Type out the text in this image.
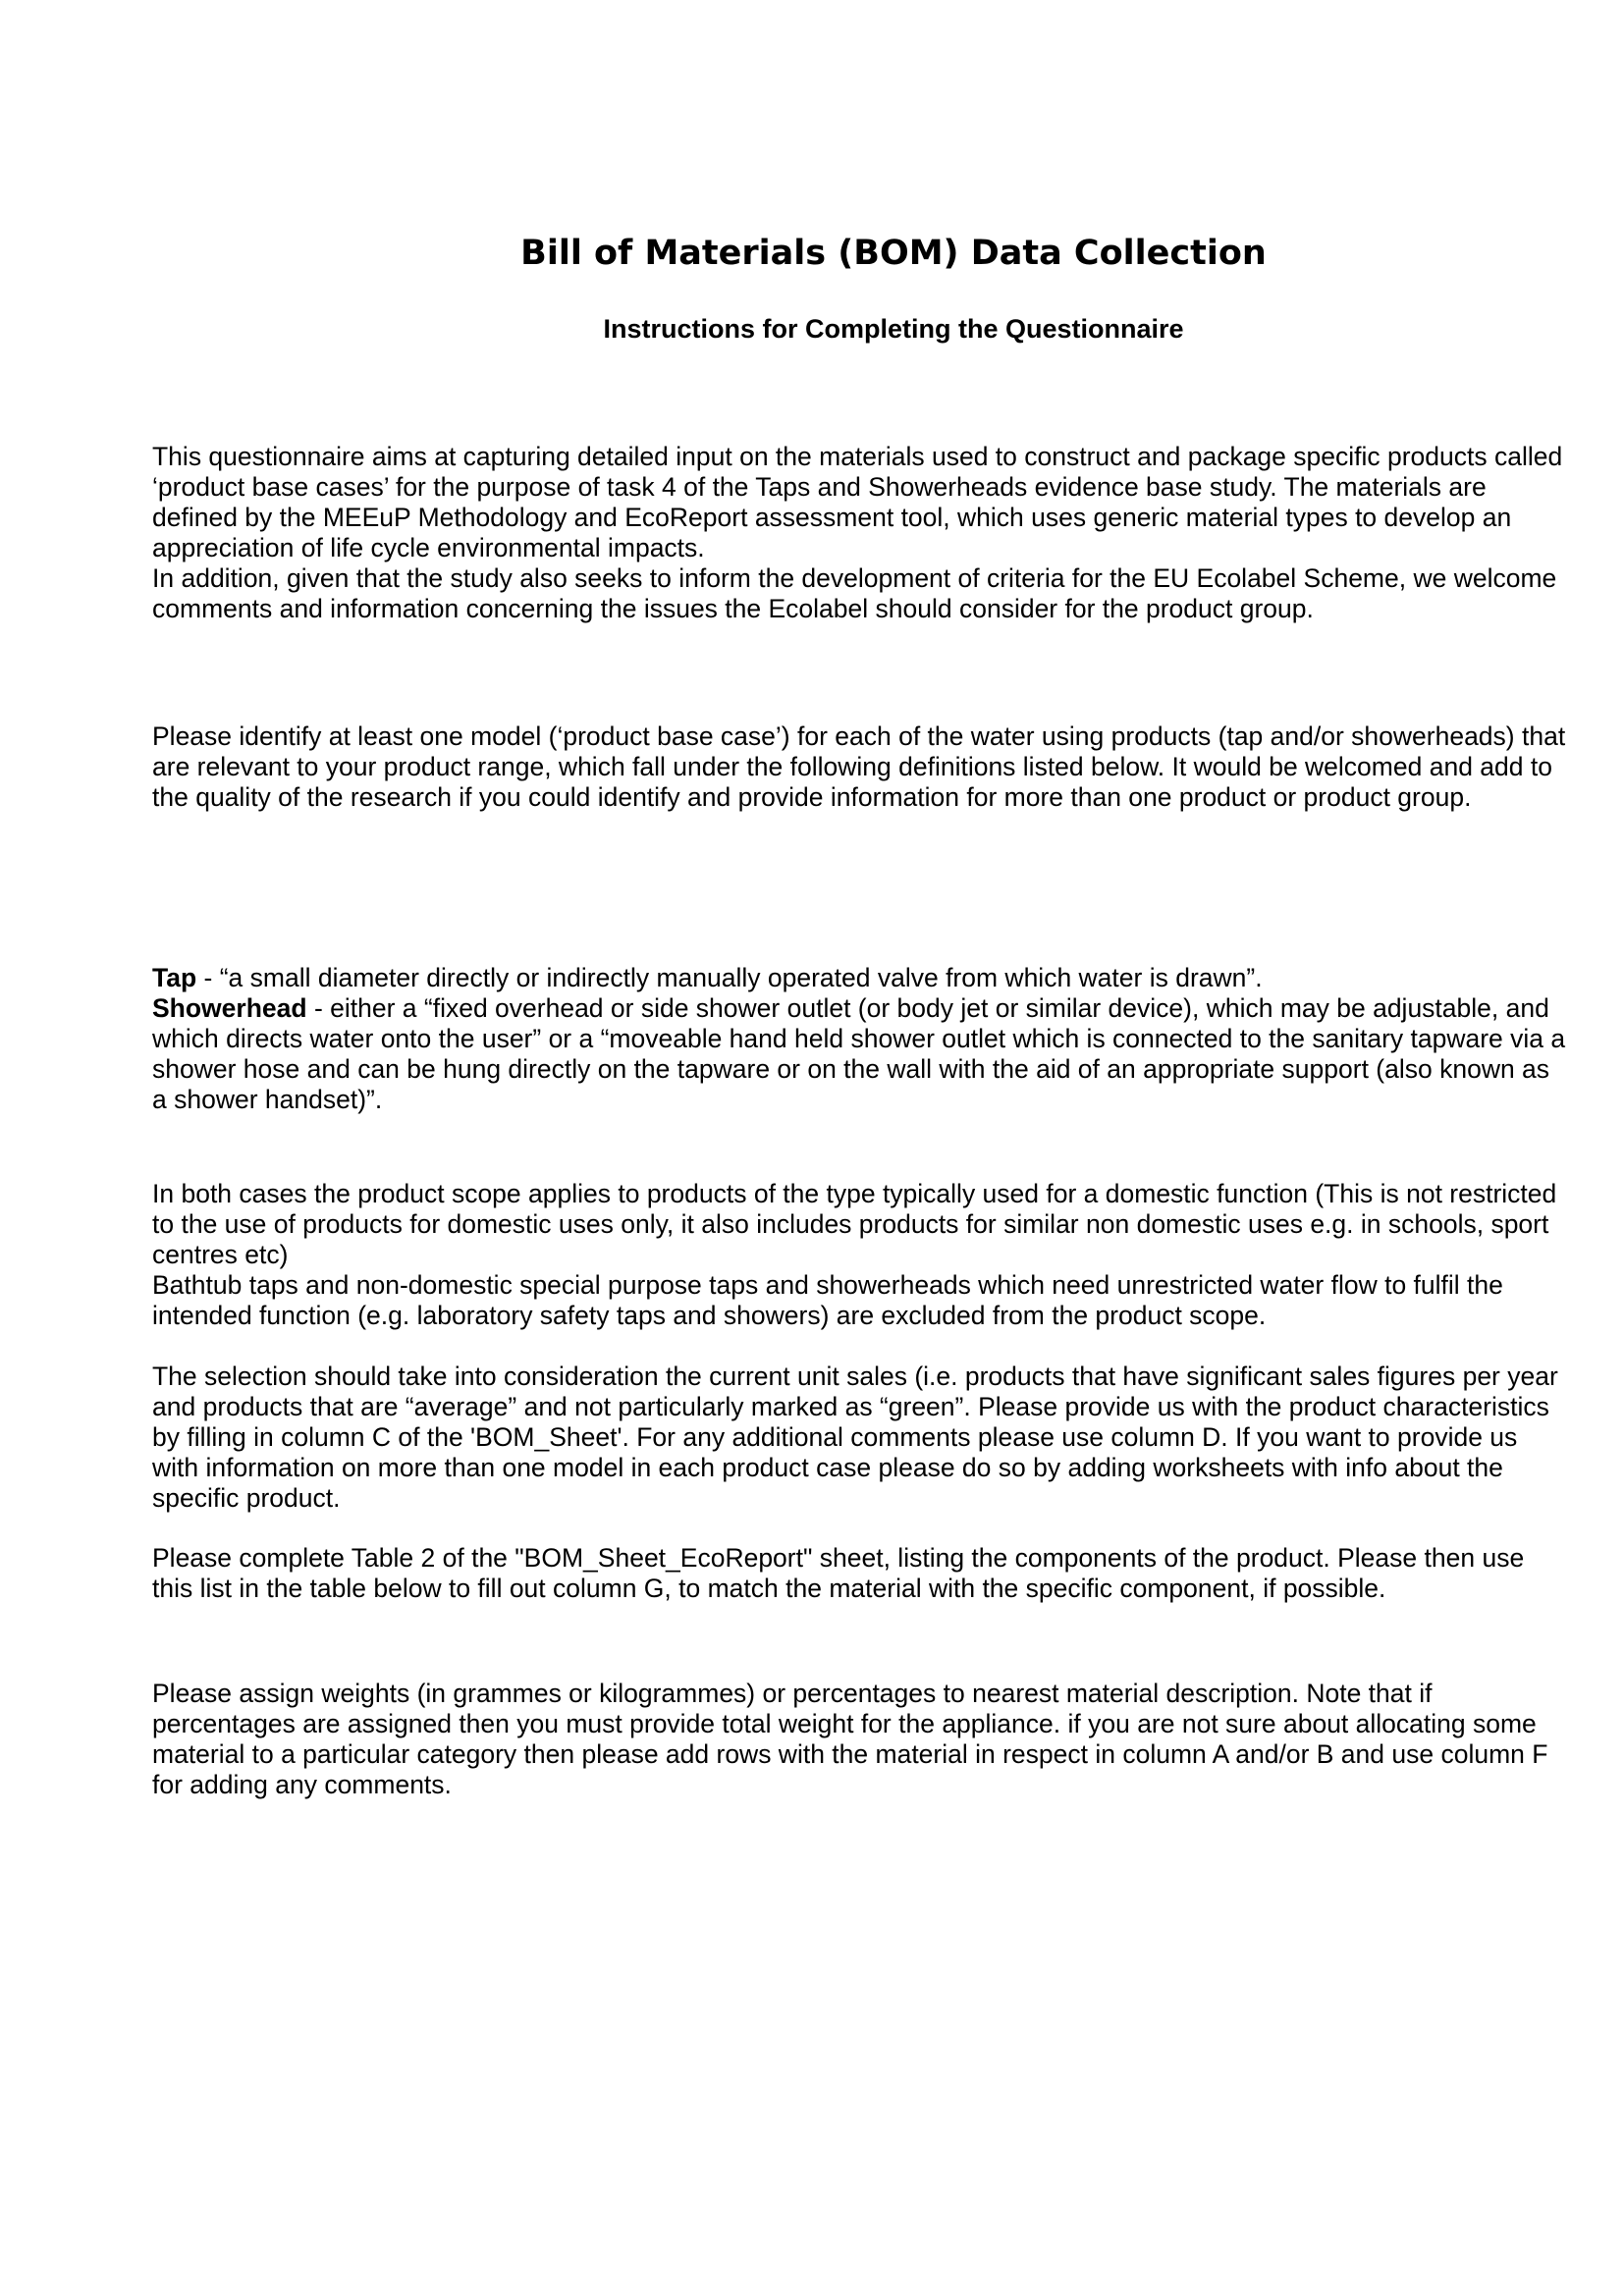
Bill of Materials (BOM) Data Collection
Instructions for Completing the Questionnaire

This questionnaire aims at capturing detailed input on the materials used to construct and package specific products called
‘product base cases’ for the purpose of task 4 of the Taps and Showerheads evidence base study. The materials are
defined by the MEEuP Methodology and EcoReport assessment tool, which uses generic material types to develop an
appreciation of life cycle environmental impacts.
In addition, given that the study also seeks to inform the development of criteria for the EU Ecolabel Scheme, we welcome
comments and information concerning the issues the Ecolabel should consider for the product group.

Please identify at least one model (‘product base case’) for each of the water using products (tap and/or showerheads) that
are relevant to your product range, which fall under the following definitions listed below. It would be welcomed and add to
the quality of the research if you could identify and provide information for more than one product or product group.

Tap - “a small diameter directly or indirectly manually operated valve from which water is drawn”.
Showerhead - either a “fixed overhead or side shower outlet (or body jet or similar device), which may be adjustable, and
which directs water onto the user” or a “moveable hand held shower outlet which is connected to the sanitary tapware via a
shower hose and can be hung directly on the tapware or on the wall with the aid of an appropriate support (also known as
a shower handset)”.

In both cases the product scope applies to products of the type typically used for a domestic function (This is not restricted
to the use of products for domestic uses only, it also includes products for similar non domestic uses e.g. in schools, sport
centres etc)
Bathtub taps and non-domestic special purpose taps and showerheads which need unrestricted water flow to fulfil the
intended function (e.g. laboratory safety taps and showers) are excluded from the product scope.

The selection should take into consideration the current unit sales (i.e. products that have significant sales figures per year
and products that are “average” and not particularly marked as “green”. Please provide us with the product characteristics
by filling in column C of the 'BOM_Sheet'. For any additional comments please use column D. If you want to provide us
with information on more than one model in each product case please do so by adding worksheets with info about the
specific product.

Please complete Table 2 of the "BOM_Sheet_EcoReport" sheet, listing the components of the product. Please then use
this list in the table below to fill out column G, to match the material with the specific component, if possible.

Please assign weights (in grammes or kilogrammes) or percentages to nearest material description. Note that if
percentages are assigned then you must provide total weight for the appliance. if you are not sure about allocating some
material to a particular category then please add rows with the material in respect in column A and/or B and use column F
for adding any comments.
